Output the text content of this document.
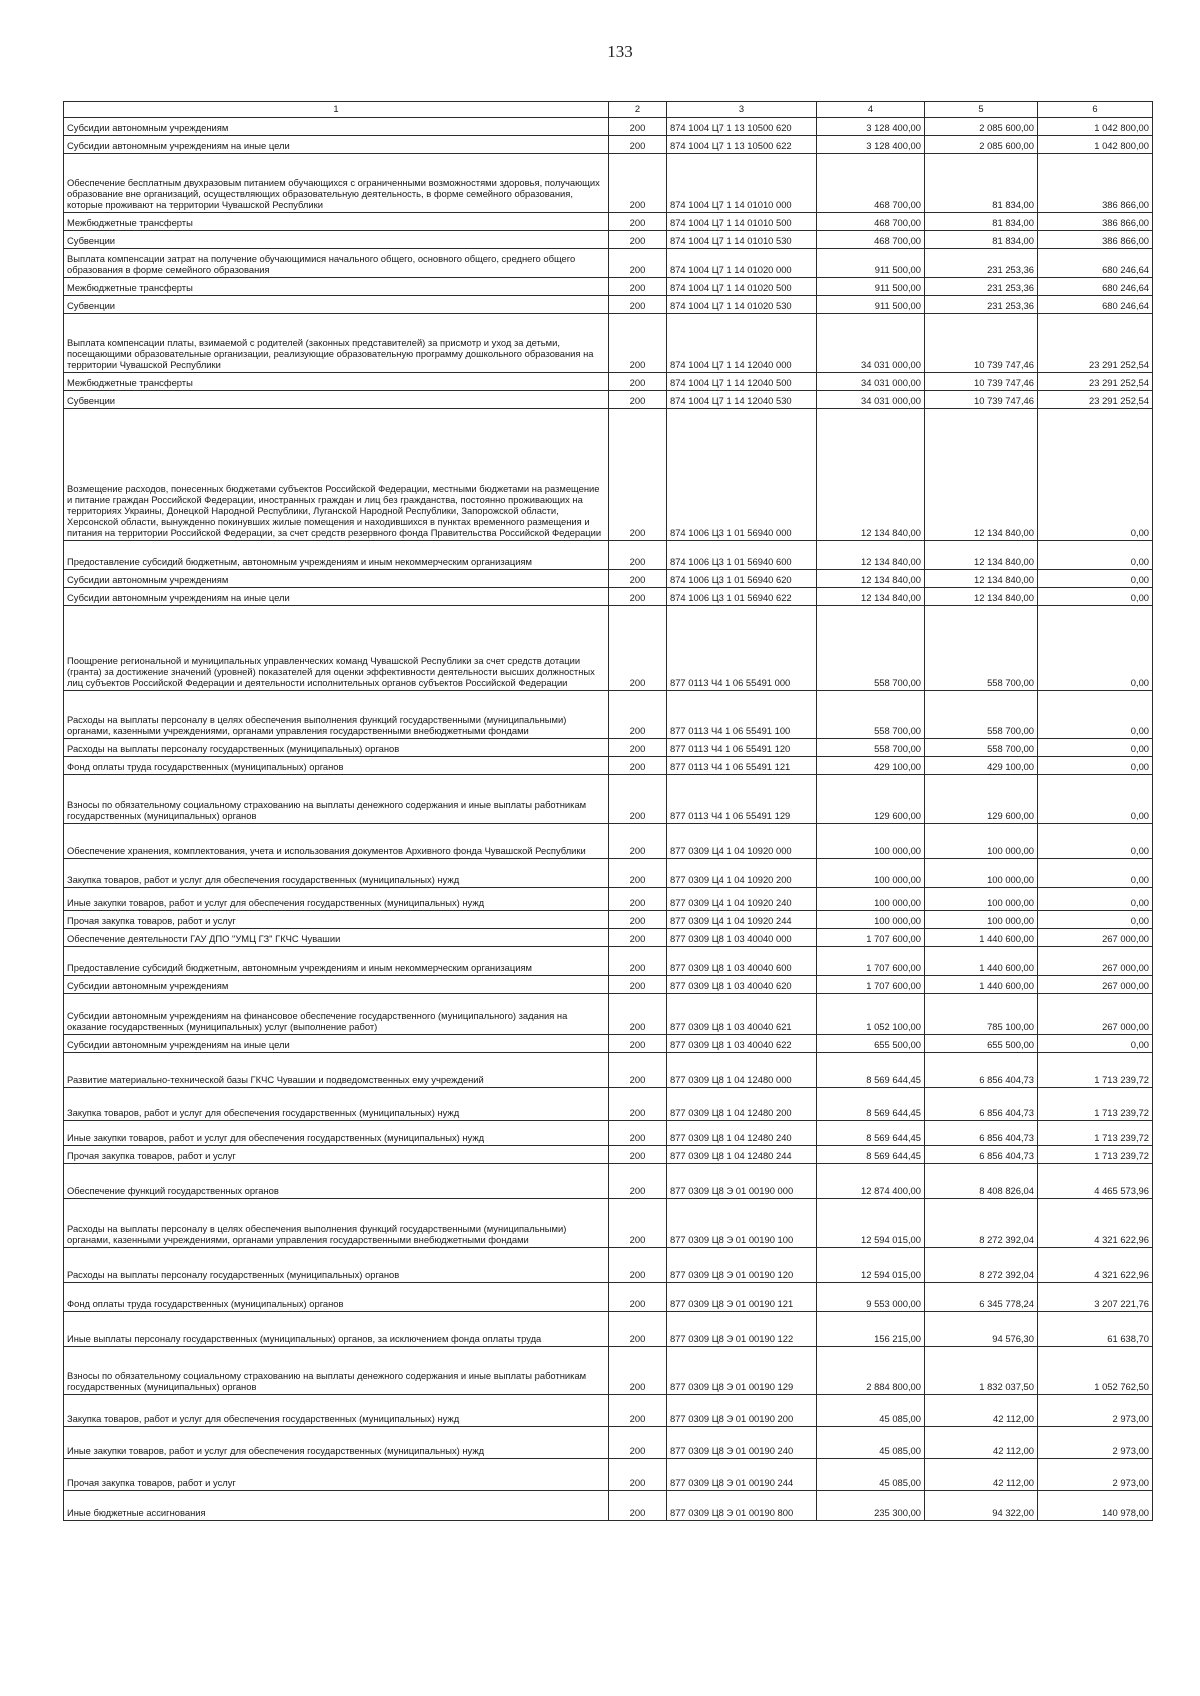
133
1	2	3	4	5	6
Субсидии автономным учреждениям	200	874 1004 Ц7 1 13 10500 620	3 128 400,00	2 085 600,00	1 042 800,00
Субсидии автономным учреждениям на иные цели	200	874 1004 Ц7 1 13 10500 622	3 128 400,00	2 085 600,00	1 042 800,00
Обеспечение бесплатным двухразовым питанием обучающихся с ограниченными возможностями здоровья, получающих образование вне организаций, осуществляющих образовательную деятельность, в форме семейного образования, которые проживают на территории Чувашской Республики	200	874 1004 Ц7 1 14 01010 000	468 700,00	81 834,00	386 866,00
Межбюджетные трансферты	200	874 1004 Ц7 1 14 01010 500	468 700,00	81 834,00	386 866,00
Субвенции	200	874 1004 Ц7 1 14 01010 530	468 700,00	81 834,00	386 866,00
Выплата компенсации затрат на получение обучающимися начального общего, основного общего, среднего общего образования в форме семейного образования	200	874 1004 Ц7 1 14 01020 000	911 500,00	231 253,36	680 246,64
Межбюджетные трансферты	200	874 1004 Ц7 1 14 01020 500	911 500,00	231 253,36	680 246,64
Субвенции	200	874 1004 Ц7 1 14 01020 530	911 500,00	231 253,36	680 246,64
Выплата компенсации платы, взимаемой с родителей (законных представителей) за присмотр и уход за детьми, посещающими образовательные организации, реализующие образовательную программу дошкольного образования на территории Чувашской Республики	200	874 1004 Ц7 1 14 12040 000	34 031 000,00	10 739 747,46	23 291 252,54
Межбюджетные трансферты	200	874 1004 Ц7 1 14 12040 500	34 031 000,00	10 739 747,46	23 291 252,54
Субвенции	200	874 1004 Ц7 1 14 12040 530	34 031 000,00	10 739 747,46	23 291 252,54
Возмещение расходов, понесенных бюджетами субъектов Российской Федерации, местными бюджетами на размещение и питание граждан Российской Федерации, иностранных граждан и лиц без гражданства, постоянно проживающих на территориях Украины, Донецкой Народной Республики, Луганской Народной Республики, Запорожской области, Херсонской области, вынужденно покинувших жилые помещения и находившихся в пунктах временного размещения и питания на территории Российской Федерации, за счет средств резервного фонда Правительства Российской Федерации	200	874 1006 Ц3 1 01 56940 000	12 134 840,00	12 134 840,00	0,00
Предоставление субсидий бюджетным, автономным учреждениям и иным некоммерческим организациям	200	874 1006 Ц3 1 01 56940 600	12 134 840,00	12 134 840,00	0,00
Субсидии автономным учреждениям	200	874 1006 Ц3 1 01 56940 620	12 134 840,00	12 134 840,00	0,00
Субсидии автономным учреждениям на иные цели	200	874 1006 Ц3 1 01 56940 622	12 134 840,00	12 134 840,00	0,00
Поощрение региональной и муниципальных управленческих команд Чувашской Республики за счет средств дотации (гранта) за достижение значений (уровней) показателей для оценки эффективности деятельности высших должностных лиц субъектов Российской Федерации и деятельности исполнительных органов субъектов Российской Федерации	200	877 0113 Ч4 1 06 55491 000	558 700,00	558 700,00	0,00
Расходы на выплаты персоналу в целях обеспечения выполнения функций государственными (муниципальными) органами, казенными учреждениями, органами управления государственными внебюджетными фондами	200	877 0113 Ч4 1 06 55491 100	558 700,00	558 700,00	0,00
Расходы на выплаты персоналу государственных (муниципальных) органов	200	877 0113 Ч4 1 06 55491 120	558 700,00	558 700,00	0,00
Фонд оплаты труда государственных (муниципальных) органов	200	877 0113 Ч4 1 06 55491 121	429 100,00	429 100,00	0,00
Взносы по обязательному социальному страхованию на выплаты денежного содержания и иные выплаты работникам государственных (муниципальных) органов	200	877 0113 Ч4 1 06 55491 129	129 600,00	129 600,00	0,00
Обеспечение хранения, комплектования, учета и использования документов Архивного фонда Чувашской Республики	200	877 0309 Ц4 1 04 10920 000	100 000,00	100 000,00	0,00
Закупка товаров, работ и услуг для обеспечения государственных (муниципальных) нужд	200	877 0309 Ц4 1 04 10920 200	100 000,00	100 000,00	0,00
Иные закупки товаров, работ и услуг для обеспечения государственных (муниципальных) нужд	200	877 0309 Ц4 1 04 10920 240	100 000,00	100 000,00	0,00
Прочая закупка товаров, работ и услуг	200	877 0309 Ц4 1 04 10920 244	100 000,00	100 000,00	0,00
Обеспечение деятельности ГАУ ДПО "УМЦ ГЗ" ГКЧС Чувашии	200	877 0309 Ц8 1 03 40040 000	1 707 600,00	1 440 600,00	267 000,00
Предоставление субсидий бюджетным, автономным учреждениям и иным некоммерческим организациям	200	877 0309 Ц8 1 03 40040 600	1 707 600,00	1 440 600,00	267 000,00
Субсидии автономным учреждениям	200	877 0309 Ц8 1 03 40040 620	1 707 600,00	1 440 600,00	267 000,00
Субсидии автономным учреждениям на финансовое обеспечение государственного (муниципального) задания на оказание государственных (муниципальных) услуг (выполнение работ)	200	877 0309 Ц8 1 03 40040 621	1 052 100,00	785 100,00	267 000,00
Субсидии автономным учреждениям на иные цели	200	877 0309 Ц8 1 03 40040 622	655 500,00	655 500,00	0,00
Развитие материально-технической базы ГКЧС Чувашии и подведомственных ему учреждений	200	877 0309 Ц8 1 04 12480 000	8 569 644,45	6 856 404,73	1 713 239,72
Закупка товаров, работ и услуг для обеспечения государственных (муниципальных) нужд	200	877 0309 Ц8 1 04 12480 200	8 569 644,45	6 856 404,73	1 713 239,72
Иные закупки товаров, работ и услуг для обеспечения государственных (муниципальных) нужд	200	877 0309 Ц8 1 04 12480 240	8 569 644,45	6 856 404,73	1 713 239,72
Прочая закупка товаров, работ и услуг	200	877 0309 Ц8 1 04 12480 244	8 569 644,45	6 856 404,73	1 713 239,72
Обеспечение функций государственных органов	200	877 0309 Ц8 Э 01 00190 000	12 874 400,00	8 408 826,04	4 465 573,96
Расходы на выплаты персоналу в целях обеспечения выполнения функций государственными (муниципальными) органами, казенными учреждениями, органами управления государственными внебюджетными фондами	200	877 0309 Ц8 Э 01 00190 100	12 594 015,00	8 272 392,04	4 321 622,96
Расходы на выплаты персоналу государственных (муниципальных) органов	200	877 0309 Ц8 Э 01 00190 120	12 594 015,00	8 272 392,04	4 321 622,96
Фонд оплаты труда государственных (муниципальных) органов	200	877 0309 Ц8 Э 01 00190 121	9 553 000,00	6 345 778,24	3 207 221,76
Иные выплаты персоналу государственных (муниципальных) органов, за исключением фонда оплаты труда	200	877 0309 Ц8 Э 01 00190 122	156 215,00	94 576,30	61 638,70
Взносы по обязательному социальному страхованию на выплаты денежного содержания и иные выплаты работникам государственных (муниципальных) органов	200	877 0309 Ц8 Э 01 00190 129	2 884 800,00	1 832 037,50	1 052 762,50
Закупка товаров, работ и услуг для обеспечения государственных (муниципальных) нужд	200	877 0309 Ц8 Э 01 00190 200	45 085,00	42 112,00	2 973,00
Иные закупки товаров, работ и услуг для обеспечения государственных (муниципальных) нужд	200	877 0309 Ц8 Э 01 00190 240	45 085,00	42 112,00	2 973,00
Прочая закупка товаров, работ и услуг	200	877 0309 Ц8 Э 01 00190 244	45 085,00	42 112,00	2 973,00
Иные бюджетные ассигнования	200	877 0309 Ц8 Э 01 00190 800	235 300,00	94 322,00	140 978,00
